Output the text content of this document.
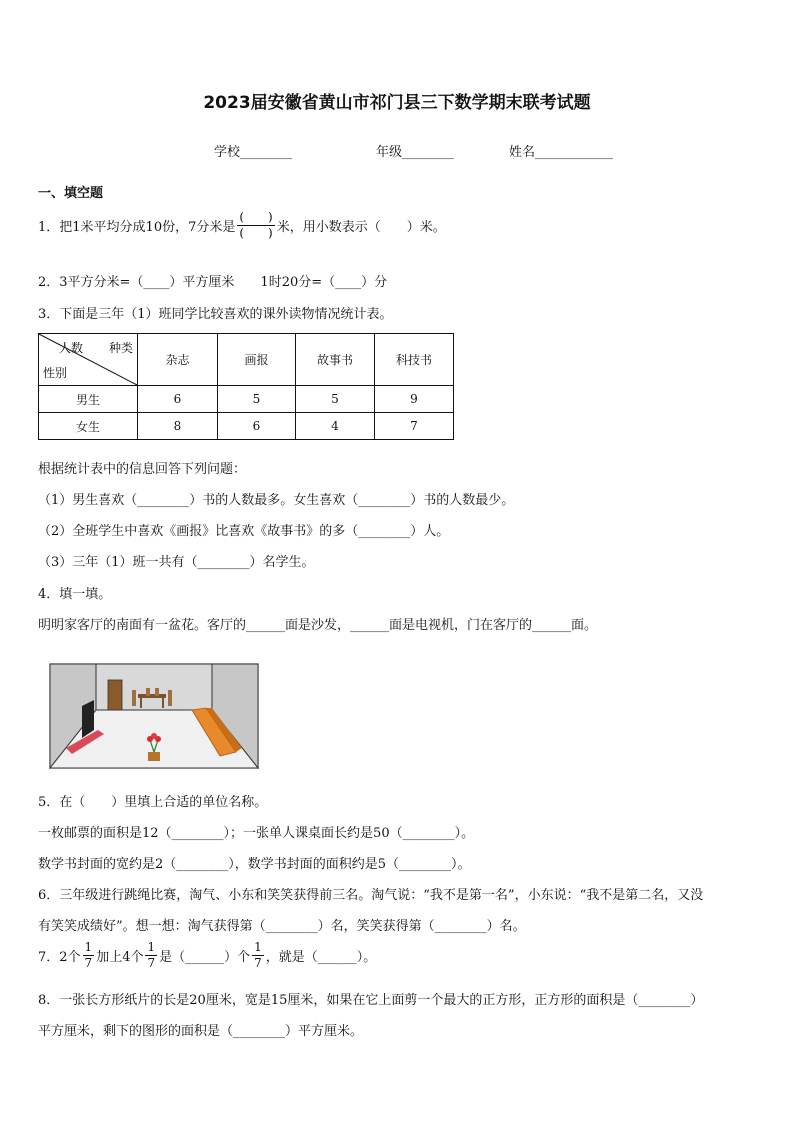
2023届安徽省黄山市祁门县三下数学期末联考试题
学校________	年级________	姓名____________
一、填空题
1．把1米平均分成10份，7分米是 $\frac{( )}{( )}$ 米，用小数表示（　　）米。
2．3平方分米=（____）平方厘米　　1时20分=（____）分
3．下面是三年（1）班同学比较喜欢的课外读物情况统计表。
人数 种类
性别	杂志	画报	故事书	科技书
男生	6	5	5	9
女生	8	6	4	7
根据统计表中的信息回答下列问题：
（1）男生喜欢（________）书的人数最多。女生喜欢（________）书的人数最少。
（2）全班学生中喜欢《画报》比喜欢《故事书》的多（________）人。
（3）三年（1）班一共有（________）名学生。
4．填一填。
明明家客厅的南面有一盆花。客厅的______面是沙发，______面是电视机，门在客厅的______面。
5．在（　　）里填上合适的单位名称。
一枚邮票的面积是12（________）；一张单人课桌面长约是50（________）。
数学书封面的宽约是2（________），数学书封面的面积约是5（________）。
6．三年级进行跳绳比赛，淘气、小东和笑笑获得前三名。淘气说：“我不是第一名”，小东说：“我不是第二名，又没
有笑笑成绩好”。想一想：淘气获得第（________）名，笑笑获得第（________）名。
7．2个 $\frac{1}{7}$ 加上4个 $\frac{1}{7}$ 是（______）个 $\frac{1}{7}$ ，就是（______）。
8．一张长方形纸片的长是20厘米，宽是15厘米，如果在它上面剪一个最大的正方形，正方形的面积是（________）
平方厘米，剩下的图形的面积是（________）平方厘米。
